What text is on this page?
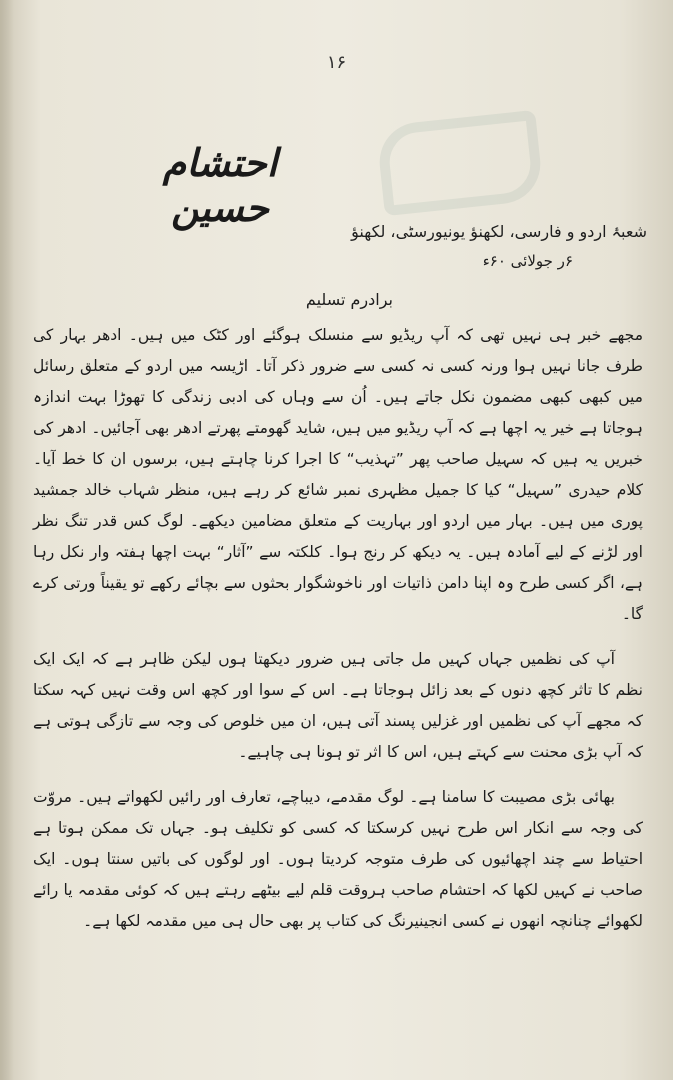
۱۶
احتشام حسین
شعبۂ اردو و فارسی، لکھنؤ یونیورسٹی، لکھنؤ
۶ر جولائی ۶۰ء
برادرم تسلیم

مجھے خبر ہی نہیں تھی کہ آپ ریڈیو سے منسلک ہوگئے اور کٹک میں ہیں۔ ادھر بہار کی طرف جانا نہیں ہوا ورنہ کسی نہ کسی سے ضرور ذکر آتا۔ اڑیسہ میں اردو کے متعلق رسائل میں کبھی کبھی مضمون نکل جاتے ہیں۔ اُن سے وہاں کی ادبی زندگی کا تھوڑا بہت اندازہ ہوجاتا ہے خیر یہ اچھا ہے کہ آپ ریڈیو میں ہیں، شاید گھومتے پھرتے ادھر بھی آجائیں۔ ادھر کی خبریں یہ ہیں کہ سہیل صاحب پھر ”تہذیب“ کا اجرا کرنا چاہتے ہیں، برسوں ان کا خط آیا۔ کلام حیدری ”سہیل“ کیا کا جمیل مظہری نمبر شائع کر رہے ہیں، منظر شہاب خالد جمشید پوری میں ہیں۔ بہار میں اردو اور بہاریت کے متعلق مضامین دیکھے۔ لوگ کس قدر تنگ نظر اور لڑنے کے لیے آمادہ ہیں۔ یہ دیکھ کر رنج ہوا۔ کلکتہ سے ”آثار“ بہت اچھا ہفتہ وار نکل رہا ہے، اگر کسی طرح وہ اپنا دامن ذاتیات اور ناخوشگوار بحثوں سے بچائے رکھے تو یقیناً ورتی کرے گا۔

آپ کی نظمیں جہاں کہیں مل جاتی ہیں ضرور دیکھتا ہوں لیکن ظاہر ہے کہ ایک ایک نظم کا تاثر کچھ دنوں کے بعد زائل ہوجاتا ہے۔ اس کے سوا اور کچھ اس وقت نہیں کہہ سکتا کہ مجھے آپ کی نظمیں اور غزلیں پسند آتی ہیں، ان میں خلوص کی وجہ سے تازگی ہوتی ہے کہ آپ بڑی محنت سے کہتے ہیں، اس کا اثر تو ہونا ہی چاہیے۔

بھائی بڑی مصیبت کا سامنا ہے۔ لوگ مقدمے، دیباچے، تعارف اور رائیں لکھواتے ہیں۔ مروّت کی وجہ سے انکار اس طرح نہیں کرسکتا کہ کسی کو تکلیف ہو۔ جہاں تک ممکن ہوتا ہے احتیاط سے چند اچھائیوں کی طرف متوجہ کردیتا ہوں۔ اور لوگوں کی باتیں سنتا ہوں۔ ایک صاحب نے کہیں لکھا کہ احتشام صاحب ہروقت قلم لیے بیٹھے رہتے ہیں کہ کوئی مقدمہ یا رائے لکھوائے چنانچہ انھوں نے کسی انجینیرنگ کی کتاب پر بھی حال ہی میں مقدمہ لکھا ہے۔
